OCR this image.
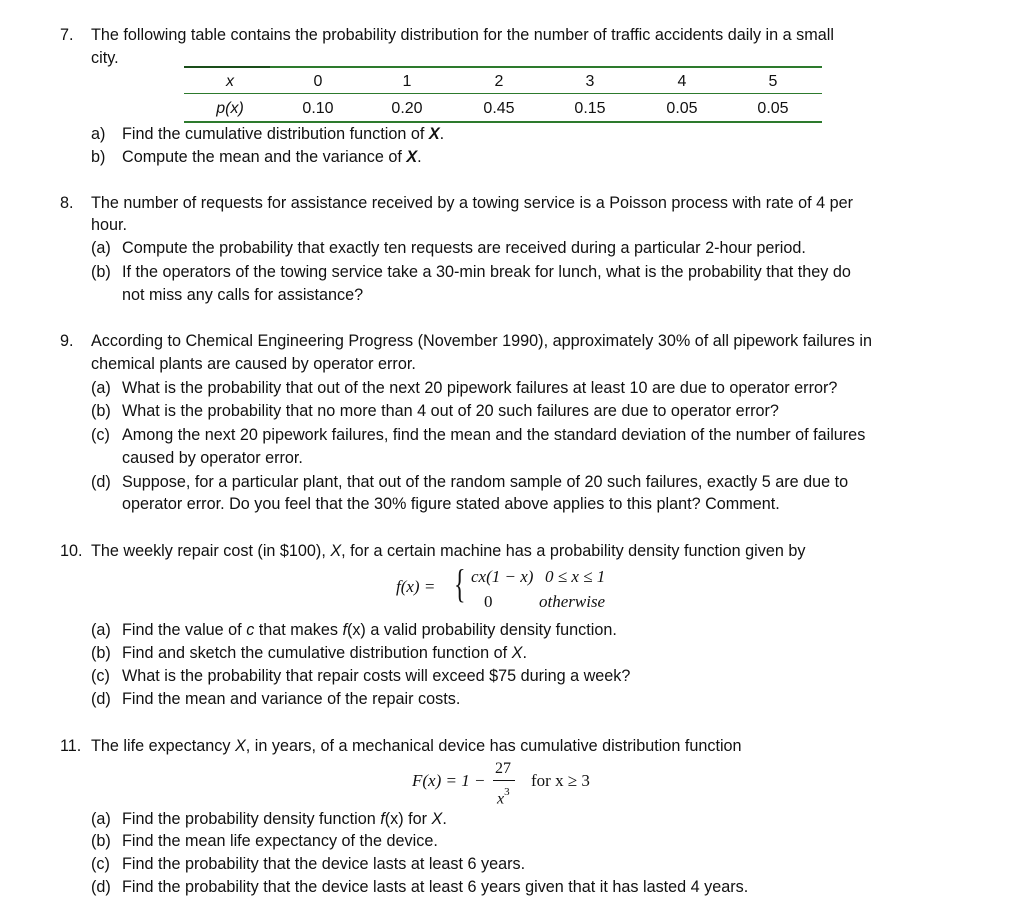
7. The following table contains the probability distribution for the number of traffic accidents daily in a small
city.
x	0	1	2	3	4	5
p(x)	0.10	0.20	0.45	0.15	0.05	0.05
a) Find the cumulative distribution function of X.
b) Compute the mean and the variance of X.
8. The number of requests for assistance received by a towing service is a Poisson process with rate of 4 per
hour.
(a) Compute the probability that exactly ten requests are received during a particular 2-hour period.
(b) If the operators of the towing service take a 30-min break for lunch, what is the probability that they do
not miss any calls for assistance?
9. According to Chemical Engineering Progress (November 1990), approximately 30% of all pipework failures in
chemical plants are caused by operator error.
(a) What is the probability that out of the next 20 pipework failures at least 10 are due to operator error?
(b) What is the probability that no more than 4 out of 20 such failures are due to operator error?
(c) Among the next 20 pipework failures, find the mean and the standard deviation of the number of failures
caused by operator error.
(d) Suppose, for a particular plant, that out of the random sample of 20 such failures, exactly 5 are due to
operator error. Do you feel that the 30% figure stated above applies to this plant? Comment.
10. The weekly repair cost (in $100), X, for a certain machine has a probability density function given by
f(x) = { cx(1 − x) 0 ≤ x ≤ 1
0	otherwise
(a) Find the value of c that makes f(x) a valid probability density function.
(b) Find and sketch the cumulative distribution function of X.
(c) What is the probability that repair costs will exceed $75 during a week?
(d) Find the mean and variance of the repair costs.
11. The life expectancy X, in years, of a mechanical device has cumulative distribution function
F(x) = 1 −
27
$x^3$
for x ≥ 3
(a) Find the probability density function f(x) for X.
(b) Find the mean life expectancy of the device.
(c) Find the probability that the device lasts at least 6 years.
(d) Find the probability that the device lasts at least 6 years given that it has lasted 4 years.
